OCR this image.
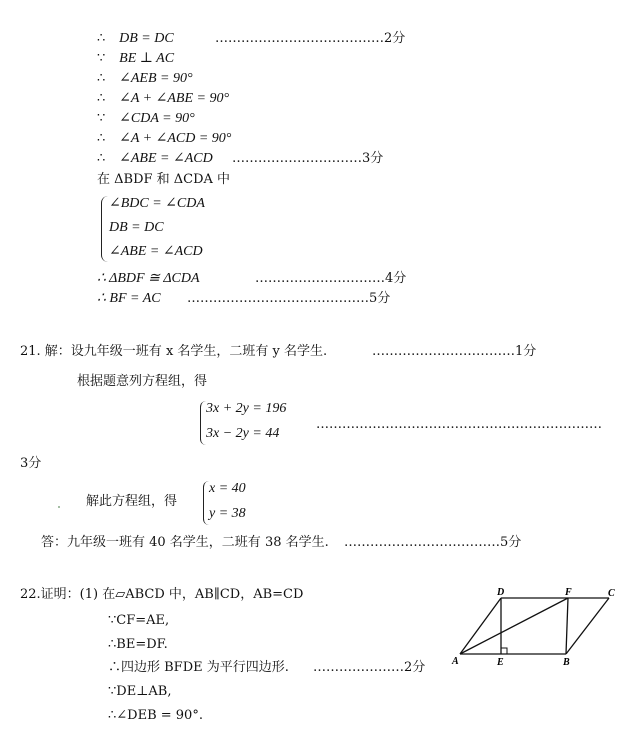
∴ DB = DC	…………………………………2分
∵ BE ⊥ AC
∴ ∠AEB = 90°
∴ ∠A + ∠ABE = 90°
∵ ∠CDA = 90°
∴ ∠A + ∠ACD = 90°
∴ ∠ABE = ∠ACD …………………………3分
在 ΔBDF 和 ΔCDA 中
∠BDC = ∠CDA
DB = DC
∠ABE = ∠ACD
∴ ΔBDF ≅ ΔCDA	…………………………4分
∴ BF = AC ……………………………………5分
21. 解：设九年级一班有 x 名学生，二班有 y 名学生.	……………………………1分
根据题意列方程组，得
3x + 2y = 196
3x − 2y = 44
…………………………………………………………
3分
解此方程组，得
x = 40
y = 38
答：九年级一班有 40 名学生，二班有 38 名学生. ………………………………5分
22.证明：(1) 在▱ABCD 中，AB∥CD，AB=CD
∵CF=AE,
∴BE=DF.
∴四边形 BFDE 为平行四边形. …………………2分
∵DE⊥AB,
∴∠DEB = 90°.
D	F	C
A	E	B
